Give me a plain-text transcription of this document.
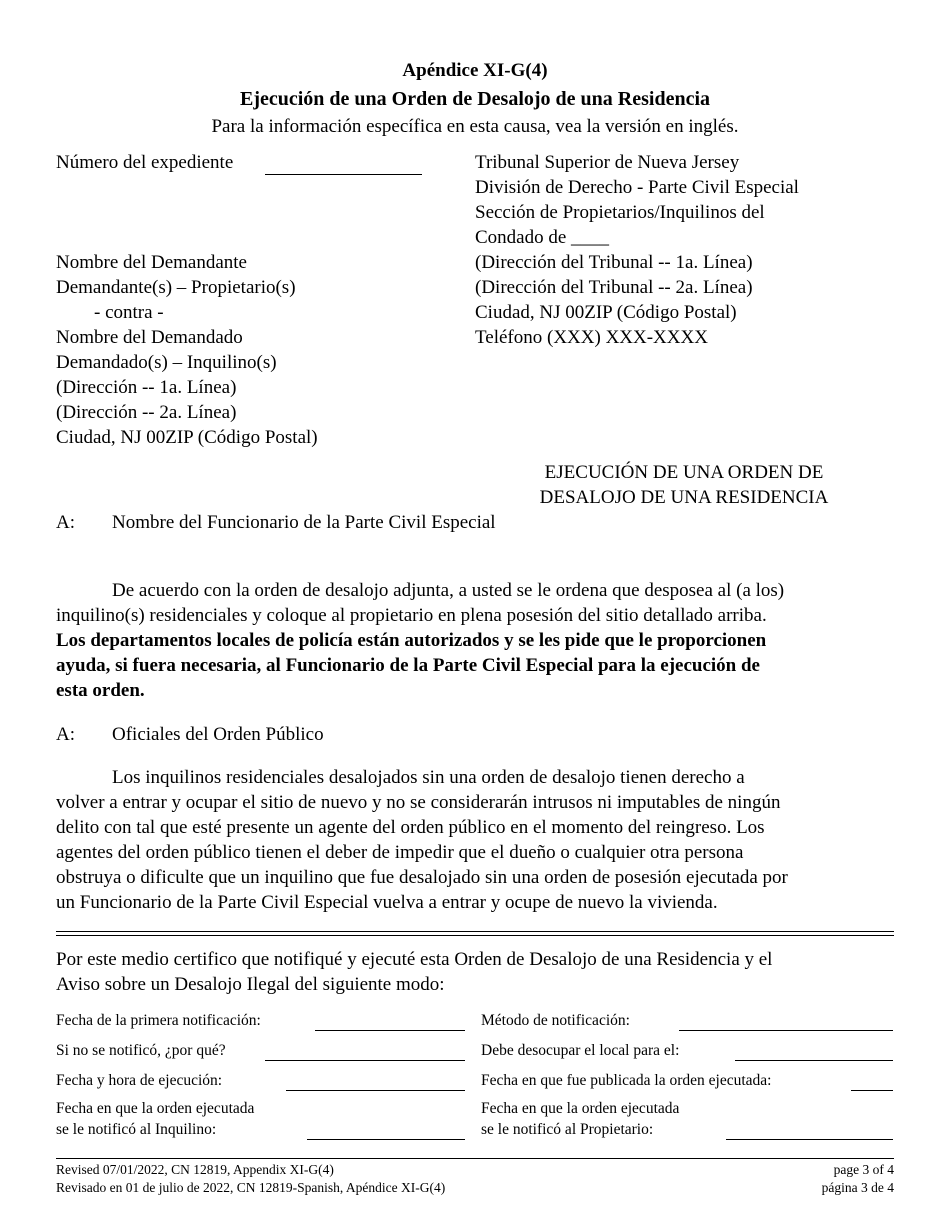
Apéndice XI-G(4)
Ejecución de una Orden de Desalojo de una Residencia
Para la información específica en esta causa, vea la versión en inglés.
Número del expediente
Nombre del Demandante
Demandante(s) – Propietario(s)
- contra -
Nombre del Demandado
Demandado(s) – Inquilino(s)
(Dirección -- 1a. Línea)
(Dirección -- 2a. Línea)
Ciudad, NJ 00ZIP (Código Postal)
Tribunal Superior de Nueva Jersey
División de Derecho - Parte Civil Especial
Sección de Propietarios/Inquilinos del
Condado de ____
(Dirección del Tribunal -- 1a. Línea)
(Dirección del Tribunal -- 2a. Línea)
Ciudad, NJ 00ZIP (Código Postal)
Teléfono (XXX) XXX-XXXX
EJECUCIÓN DE UNA ORDEN DE
DESALOJO DE UNA RESIDENCIA
A: Nombre del Funcionario de la Parte Civil Especial
De acuerdo con la orden de desalojo adjunta, a usted se le ordena que desposea al (a los)
inquilino(s) residenciales y coloque al propietario en plena posesión del sitio detallado arriba.
Los departamentos locales de policía están autorizados y se les pide que le proporcionen
ayuda, si fuera necesaria, al Funcionario de la Parte Civil Especial para la ejecución de
esta orden.
A: Oficiales del Orden Público
Los inquilinos residenciales desalojados sin una orden de desalojo tienen derecho a
volver a entrar y ocupar el sitio de nuevo y no se considerarán intrusos ni imputables de ningún
delito con tal que esté presente un agente del orden público en el momento del reingreso. Los
agentes del orden público tienen el deber de impedir que el dueño o cualquier otra persona
obstruya o dificulte que un inquilino que fue desalojado sin una orden de posesión ejecutada por
un Funcionario de la Parte Civil Especial vuelva a entrar y ocupe de nuevo la vivienda.
Por este medio certifico que notifiqué y ejecuté esta Orden de Desalojo de una Residencia y el
Aviso sobre un Desalojo Ilegal del siguiente modo:
Fecha de la primera notificación:
Si no se notificó, ¿por qué?
Fecha y hora de ejecución:
Fecha en que la orden ejecutada
se le notificó al Inquilino:
Método de notificación:
Debe desocupar el local para el:
Fecha en que fue publicada la orden ejecutada:
Fecha en que la orden ejecutada
se le notificó al Propietario:
Revised 07/01/2022, CN 12819, Appendix XI-G(4)
Revisado en 01 de julio de 2022, CN 12819-Spanish, Apéndice XI-G(4)
page 3 of 4
página 3 de 4
